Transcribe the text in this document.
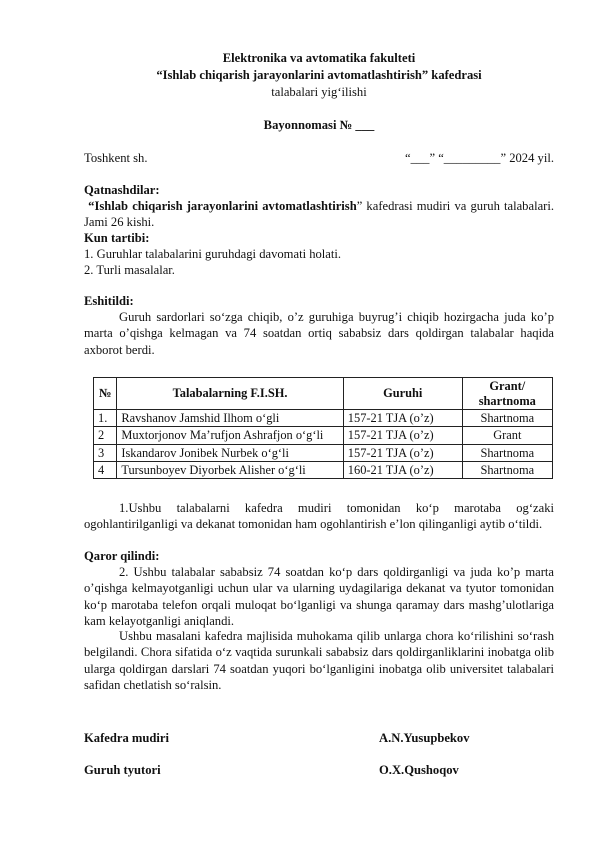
Elektronika va avtomatika fakulteti
“Ishlab chiqarish jarayonlarini avtomatlashtirish” kafedrasi
talabalari yig‘ilishi
Bayonnomasi № ___
Toshkent sh.	“___” “_________” 2024 yil.
Qatnashdilar:
“Ishlab chiqarish jarayonlarini avtomatlashtirish” kafedrasi mudiri va guruh talabalari. Jami 26 kishi.
Kun tartibi:
1. Guruhlar talabalarini guruhdagi davomati holati.
2. Turli masalalar.
Eshitildi:
Guruh sardorlari so‘zga chiqib, o’z guruhiga buyrug’i chiqib hozirgacha juda ko’p marta o’qishga kelmagan va 74 soatdan ortiq sababsiz dars qoldirgan talabalar haqida axborot berdi.
№	Talabalarning F.I.SH.	Guruhi	Grant/ shartnoma
1.	Ravshanov Jamshid Ilhom o‘gli	157-21 TJA (o’z)	Shartnoma
2	Muxtorjonov Ma’rufjon Ashrafjon o‘g‘li	157-21 TJA (o’z)	Grant
3	Iskandarov Jonibek Nurbek o‘g‘li	157-21 TJA (o’z)	Shartnoma
4	Tursunboyev Diyorbek Alisher o‘g‘li	160-21 TJA (o’z)	Shartnoma
1.Ushbu talabalarni kafedra mudiri tomonidan ko‘p marotaba og‘zaki ogohlantirilganligi va dekanat tomonidan ham ogohlantirish e’lon qilinganligi aytib o‘tildi.
Qaror qilindi:
2. Ushbu talabalar sababsiz 74 soatdan ko‘p dars qoldirganligi va juda ko’p marta o’qishga kelmayotganligi uchun ular va ularning uydagilariga dekanat va tyutor tomonidan ko‘p marotaba telefon orqali muloqat bo‘lganligi va shunga qaramay dars mashg’ulotlariga kam kelayotganligi aniqlandi.
Ushbu masalani kafedra majlisida muhokama qilib unlarga chora ko‘rilishini so‘rash belgilandi. Chora sifatida o‘z vaqtida surunkali sababsiz dars qoldirganliklarini inobatga olib ularga qoldirgan darslari 74 soatdan yuqori bo‘lganligini inobatga olib universitet talabalari safidan chetlatish so‘ralsin.
Kafedra mudiri	A.N.Yusupbekov
Guruh tyutori	O.X.Qushoqov
